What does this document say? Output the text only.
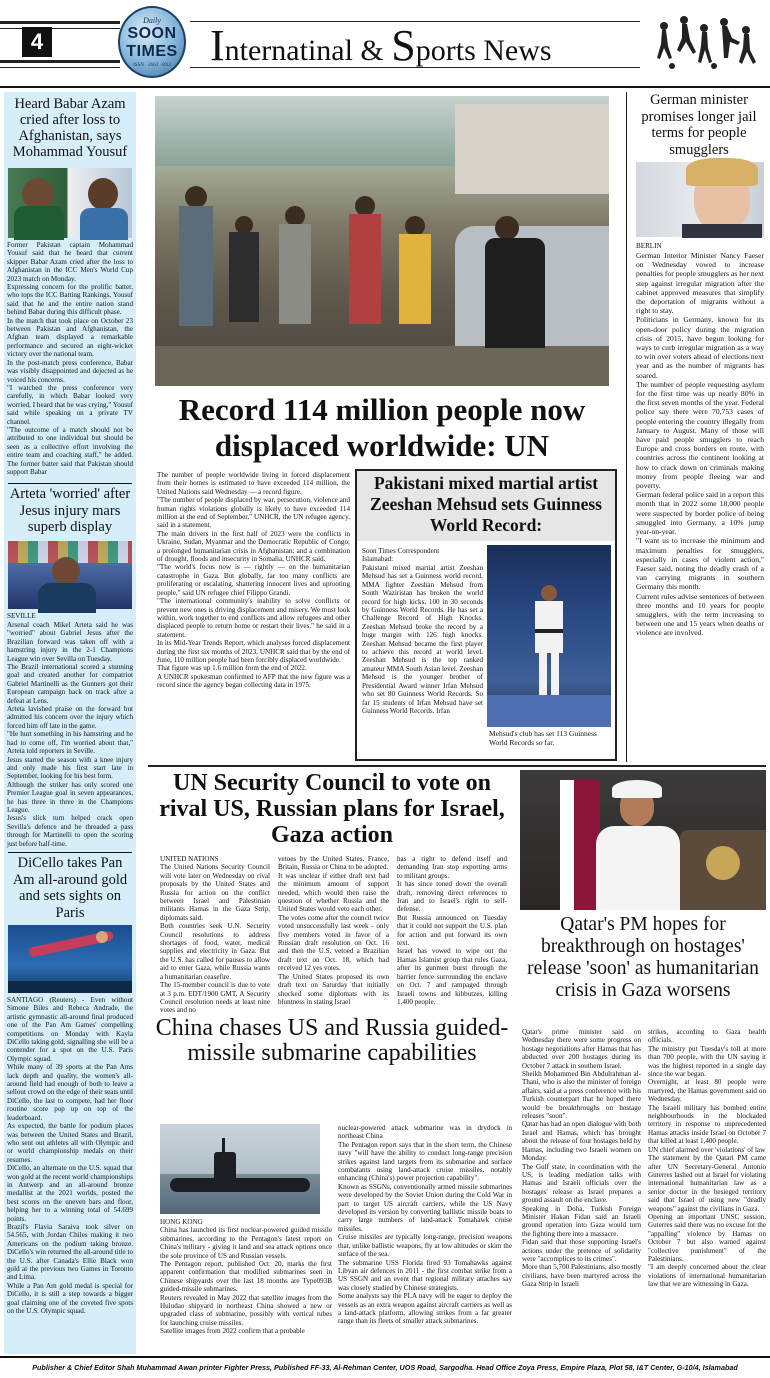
4
Daily
SOON
TIMES
ISSN · 2663 · 8X3 Internatinal & Sports News
Heard Babar Azam cried after loss to Afghanistan, says Mohammad Yousuf
Former Pakistan captain Mohammad Yousuf said that he heard that current skipper Babar Azam cried after the loss to Afghanistan in the ICC Men's World Cup 2023 match on Monday.
Expressing concern for the prolific batter, who tops the ICC Batting Rankings, Yousuf said that he and the entire nation stand behind Babar during this difficult phase.
In the match that took place on October 23 between Pakistan and Afghanistan, the Afghan team displayed a remarkable performance and secured an eight-wicket victory over the national team.
In the post-match press conference, Babar was visibly disappointed and dejected as he voiced his concerns.
"I watched the press conference very carefully, in which Babar looked very worried, I heard that he was crying," Yousuf said while speaking on a private TV channel.
"The outcome of a match should not be attributed to one individual but should be seen as a collective effort involving the entire team and coaching staff," he added. The former batter said that Pakistan should support Babar
Arteta 'worried' after Jesus injury mars superb display
SEVILLE
Arsenal coach Mikel Arteta said he was "worried" about Gabriel Jesus after the Brazilian forward was taken off with a hamstring injury in the 2-1 Champions League win over Sevilla on Tuesday.
The Brazil international scored a stunning goal and created another for compatriot Gabriel Martinelli as the Gunners got their European campaign back on track after a defeat at Lens.
Arteta lavished praise on the forward but admitted his concern over the injury which forced him off late in the game.
"He hurt something in his hamstring and he had to come off, I'm worried about that," Arteta told reporters in Seville.
Jesus started the season with a knee injury and only made his first start late in September, looking for his best form.
Although the striker has only scored one Premier League goal in seven appearances, he has three in three in the Champions League.
Jesus's slick turn helped crack open Sevilla's defence and he threaded a pass through for Martinelli to open the scoring just before half-time.
DiCello takes Pan Am all-around gold and sets sights on Paris
SANTIAGO (Reuters) - Even without Simone Biles and Rebeca Andrade, the artistic gymnastic all-around final produced one of the Pan Am Games' compelling competitions on Monday with Kayla DiCello taking gold, signalling she will be a contender for a spot on the U.S. Paris Olympic squad.
While many of 39 sports at the Pan Ams lack depth and quality, the women's all-around field had enough of both to leave a sellout crowd on the edge of their seats until DiCello, the last to compete, had her floor routine score pop up on top of the leaderboard.
As expected, the battle for podium places was between the United States and Brazil, who sent out athletes all with Olympic and or world championship medals on their resumes.
DiCello, an alternate on the U.S. squad that won gold at the recent world championships in Antwerp and an all-around bronze medallist at the 2021 worlds, posted the best scores on the uneven bars and floor, helping her to a winning total of 54.699 points.
Brazil's Flavia Saraiva took silver on 54.565, with Jordan Chiles making it two Americans on the podium taking bronze. DiCello's win returned the all-around title to the U.S. after Canada's Ellie Black won gold at the previous two Games in Toronto and Lima.
While a Pan Am gold medal is special for DiCello, it is still a step towards a bigger goal claiming one of the coveted five spots on the U.S. Olympic squad.
Record 114 million people now displaced worldwide: UN
The number of people worldwide living in forced displacement from their homes is estimated to have exceeded 114 million, the United Nations said Wednesday — a record figure.
"The number of people displaced by war, persecution, violence and human rights violations globally is likely to have exceeded 114 million at the end of September," UNHCR, the UN refugee agency, said in a statement.
The main drivers in the first half of 2023 were the conflicts in Ukraine, Sudan, Myanmar and the Democratic Republic of Congo; a prolonged humanitarian crisis in Afghanistan; and a combination of drought, floods and insecurity in Somalia, UNHCR said.
"The world's focus now is — rightly — on the humanitarian catastrophe in Gaza. But globally, far too many conflicts are proliferating or escalating, shattering innocent lives and uprooting people," said UN refugee chief Filippo Grandi.
"The international community's inability to solve conflicts or prevent new ones is driving displacement and misery. We must look within, work together to end conflicts and allow refugees and other displaced people to return home or restart their lives," he said in a statement.
In its Mid-Year Trends Report, which analyses forced displacement during the first six months of 2023, UNHCR said that by the end of June, 110 million people had been forcibly displaced worldwide.
That figure was up 1.6 million from the end of 2022.
A UNHCR spokesman confirmed to AFP that the new figure was a record since the agency began collecting data in 1975.
Pakistani mixed martial artist Zeeshan Mehsud sets Guinness World Record:
Soon Times Correspondent
Islamabad:
Pakistani mixed martial artist Zeeshan Mehsud has set a Guinness world record. MMA fighter Zeeshan Mehsud from South Waziristan has broken the world record for high kicks, 100 in 30 seconds by Guinness World Records. He has set a Challenge Record of High Knocks. Zeeshan Mehsud broke the record by a huge margin with 126 high knocks. Zeeshan Mehsud became the first player to achieve this record at world level. Zeeshan Mehsud is the top ranked amateur MMA South Asian level. Zeeshan Mehsud is the younger brother of Presidential Award winner Irfan Mehsud who set 80 Guinness World Records. So far 15 students of Irfan Mehsud have set Guinness World Records. Irfan
Mehsud's club has set 113 Guinness World Records so far.
German minister promises longer jail terms for people smugglers
BERLIN
German Interior Minister Nancy Faeser on Wednesday vowed to increase penalties for people smugglers as her next step against irregular migration after the cabinet approved measures that simplify the deportation of migrants without a right to stay.
Politicians in Germany, known for its open-door policy during the migration crisis of 2015, have begun looking for ways to curb irregular migration as a way to win over voters ahead of elections next year and as the number of migrants has soared.
The number of people requesting asylum for the first time was up nearly 80% in the first seven months of the year. Federal police say there were 70,753 cases of people entering the country illegally from January to August. Many of those will have paid people smugglers to reach Europe and cross borders en route, with countries across the continent looking at how to crack down on criminals making money from people fleeing war and poverty.
German federal police said in a report this month that in 2022 some 18,000 people were suspected by border police of being smuggled into Germany, a 10% jump year-on-year.
"I want us to increase the minimum and maximum penalties for smugglers, especially in cases of violent action," Faeser said, noting the deadly crash of a van carrying migrants in southern Germany this month.
Current rules advise sentences of between three months and 10 years for people smugglers, with the term increasing to between one and 15 years when deaths or violence are involved.
UN Security Council to vote on rival US, Russian plans for Israel, Gaza action
UNITED NATIONS
The United Nations Security Council will vote later on Wednesday on rival proposals by the United States and Russia for action on the conflict between Israel and Palestinian militants Hamas in the Gaza Strip, diplomats said.
Both countries seek U.N. Security Council resolutions to address shortages of food, water, medical supplies and electricity in Gaza. But the U.S. has called for pauses to allow aid to enter Gaza, while Russia wants a humanitarian ceasefire.
The 15-member council is due to vote at 3 p.m. EDT/1900 GMT. A Security Council resolution needs at least nine votes and no
vetoes by the United States, France, Britain, Russia or China to be adopted.
It was unclear if either draft text had the minimum amount of support needed, which would then raise the question of whether Russia and the United States would veto each other.
The votes come after the council twice voted unsuccessfully last week - only five members voted in favor of a Russian draft resolution on Oct. 16 and then the U.S. vetoed a Brazilian draft text on Oct. 18, which had received 12 yes votes.
The United States proposed its own draft text on Saturday that initially shocked some diplomats with its bluntness in stating Israel
has a right to defend itself and demanding Iran stop exporting arms to militant groups.
It has since toned down the overall draft, removing direct references to Iran and to Israel's right to self-defense.
But Russia announced on Tuesday that it could not support the U.S. plan for action and put forward its own text.
Israel has vowed to wipe out the Hamas Islamist group that rules Gaza, after its gunmen burst through the barrier fence surrounding the enclave on Oct. 7 and rampaged through Israeli towns and kibbutzes, killing 1,400 people.
China chases US and Russia guided-missile submarine capabilities
HONG KONG
China has launched its first nuclear-powered guided missile submarines, according to the Pentagon's latest report on China's military - giving it land and sea attack options once the sole province of US and Russian vessels.
The Pentagon report, published Oct. 20, marks the first apparent confirmation that modified submarines seen in Chinese shipyards over the last 18 months are Type093B guided-missile submarines.
Reuters revealed in May 2022 that satellite images from the Huludao shipyard in northeast China showed a new or upgraded class of submarine, possibly with vertical tubes for launching cruise missiles.
Satellite images from 2022 confirm that a probable
nuclear-powered attack submarine was in drydock in northeast China
The Pentagon report says that in the short term, the Chinese navy "will have the ability to conduct long-range precision strikes against land targets from its submarine and surface combatants using land-attack cruise missiles, notably enhancing (China's) power projection capability".
Known as SSGNs, conventionally armed missile submarines were developed by the Soviet Union during the Cold War in part to target US aircraft carriers, while the US Navy developed its version by converting ballistic missile boats to carry large numbers of land-attack Tomahawk cruise missiles.
Cruise missiles are typically long-range, precision weapons that, unlike ballistic weapons, fly at low altitudes or skim the surface of the sea.
The submarine USS Florida fired 93 Tomahawks against Libyan air defences in 2011 - the first combat strike from a US SSGN and an event that regional military attaches say was closely studied by Chinese strategists.
Some analysts say the PLA navy will be eager to deploy the vessels as an extra weapon against aircraft carriers as well as a land-attack platform, allowing strikes from a far greater range than its fleets of smaller attack submarines.
Qatar's PM hopes for breakthrough on hostages' release 'soon' as humanitarian crisis in Gaza worsens
Qatar's prime minister said on Wednesday there were some progress on hostage negotiations after Hamas that has abducted over 200 hostages during its October 7 attack in southern Israel.
Sheikh Mohammed Bin Abdulrahman al-Thani, who is also the minister of foreign affairs, said at a press conference with his Turkish counterpart that he hoped there would be breakthroughs on hostage releases "soon".
Qatar has had an open dialogue with both Israel and Hamas, which has brought about the release of four hostages held by Hamas, including two Israeli women on Monday.
The Gulf state, in coordination with the US, is leading mediation talks with Hamas and Israeli officials over the hostages' release as Israel prepares a ground assault on the enclave.
Speaking in Doha, Turkish Foreign Minister Hakan Fidan said an Israeli ground operation into Gaza would turn the fighting there into a massacre.
Fidan said that those supporting Israel's actions under the pretence of solidarity were "accomplices to its crimes".
More than 5,700 Palestinians, also mostly civilians, have been martyred across the Gaza Strip in Israeli
strikes, according to Gaza health officials.
The ministry put Tuesday's toll at more than 700 people, with the UN saying it was the highest reported in a single day since the war began.
Overnight, at least 80 people were martyred, the Hamas government said on Wednesday.
The Israeli military has bombed entire neighbourhoods in the blockaded territory in response to unprecedented Hamas attacks inside Israel on October 7 that killed at least 1,400 people.
UN chief alarmed over 'violations' of law
The statement by the Qatari PM came after UN Secretary-General Antonio Guterres lashed out at Israel for violating international humanitarian law as a senior doctor in the besieged territory said that Israel of using new "deadly weapons" against the civilians in Gaza.
Opening an important UNSC session, Guterres said there was no excuse for the "appalling" violence by Hamas on October 7 but also warned against "collective punishment" of the Palestinians.
"I am deeply concerned about the clear violations of international humanitarian law that we are witnessing in Gaza.
Publisher & Chief Editor Shah Muhammad Awan printer Fighter Press, Published FF-33, Al-Rehman Center, UOS Road, Sargodha. Head Office Zoya Press, Empire Plaza, Plot 58, I&T Center, G-10/4, Islamabad
